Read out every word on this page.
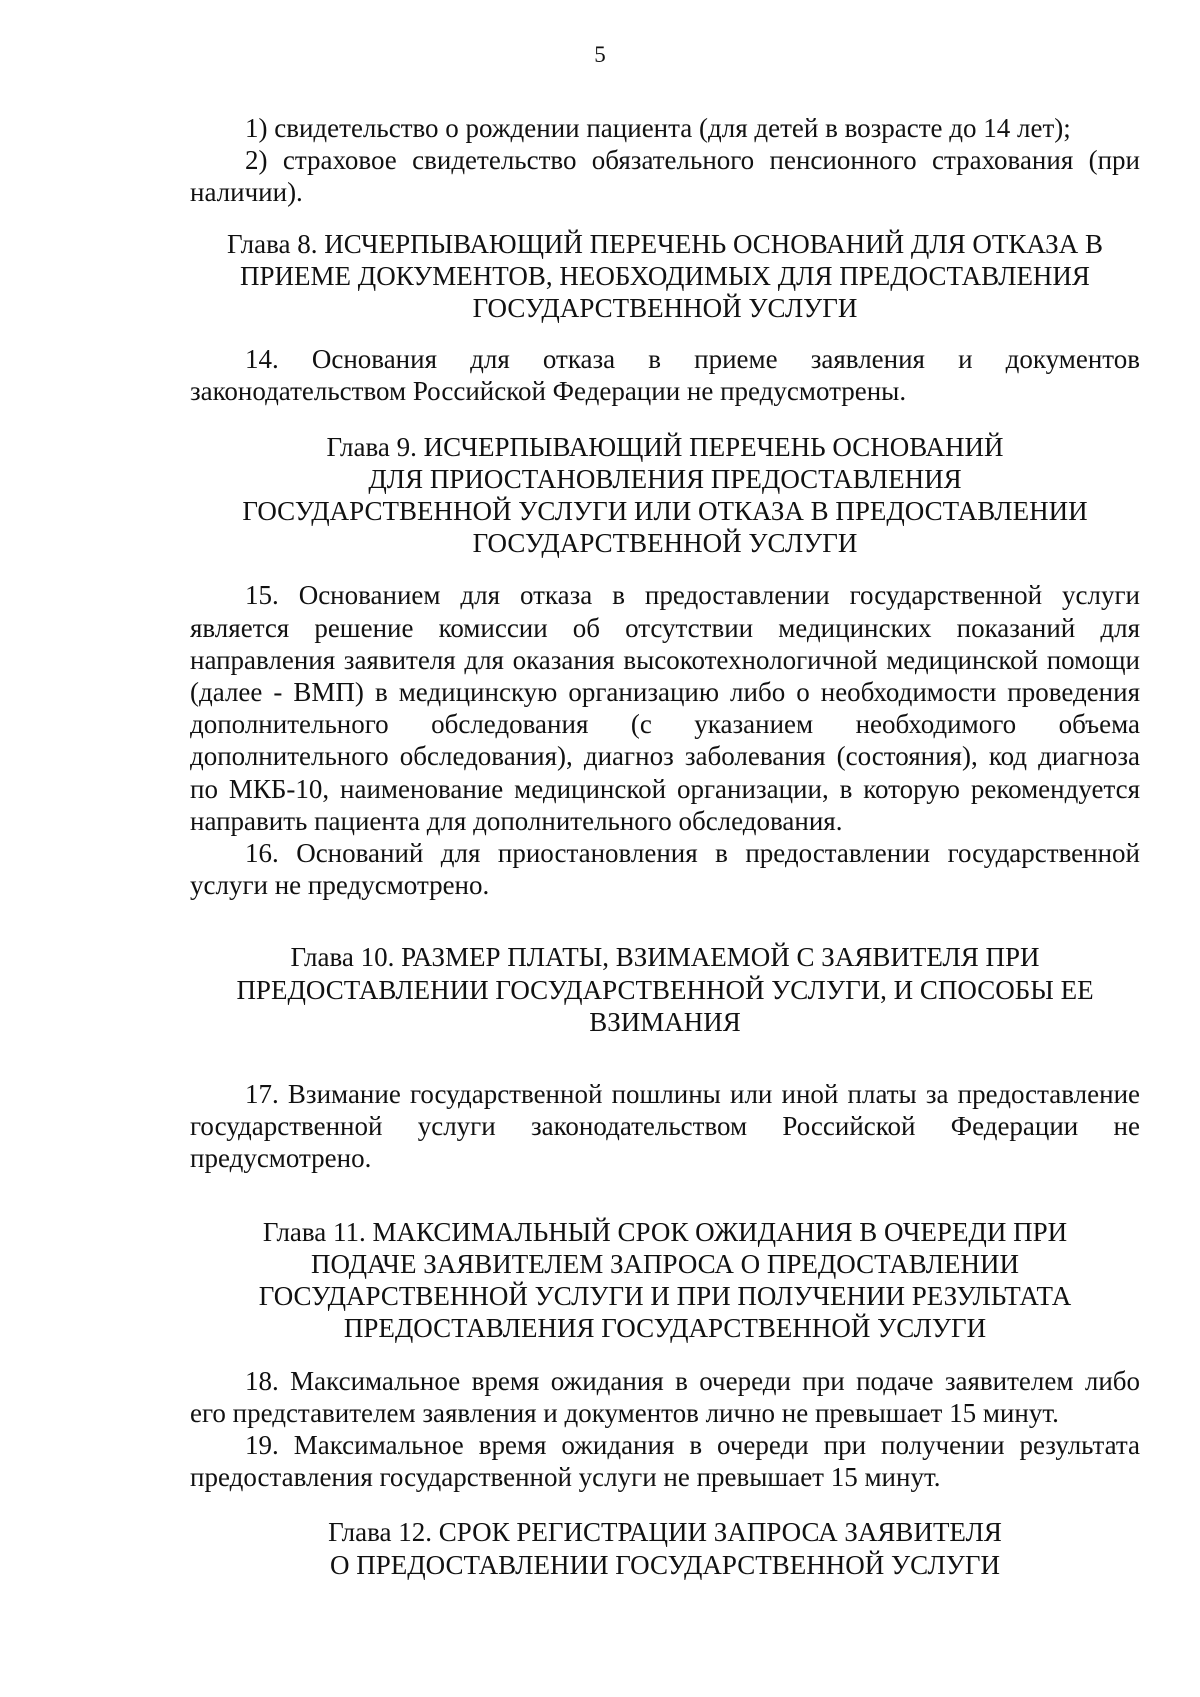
5

1) свидетельство о рождении пациента (для детей в возрасте до 14 лет);

2) страховое свидетельство обязательного пенсионного страхования (при наличии).

Глава 8. ИСЧЕРПЫВАЮЩИЙ ПЕРЕЧЕНЬ ОСНОВАНИЙ ДЛЯ ОТКАЗА В
ПРИЕМЕ ДОКУМЕНТОВ, НЕОБХОДИМЫХ ДЛЯ ПРЕДОСТАВЛЕНИЯ
ГОСУДАРСТВЕННОЙ УСЛУГИ

14. Основания для отказа в приеме заявления и документов законодательством Российской Федерации не предусмотрены.

Глава 9. ИСЧЕРПЫВАЮЩИЙ ПЕРЕЧЕНЬ ОСНОВАНИЙ
ДЛЯ ПРИОСТАНОВЛЕНИЯ ПРЕДОСТАВЛЕНИЯ
ГОСУДАРСТВЕННОЙ УСЛУГИ ИЛИ ОТКАЗА В ПРЕДОСТАВЛЕНИИ
ГОСУДАРСТВЕННОЙ УСЛУГИ

15. Основанием для отказа в предоставлении государственной услуги является решение комиссии об отсутствии медицинских показаний для направления заявителя для оказания высокотехнологичной медицинской помощи (далее - ВМП) в медицинскую организацию либо о необходимости проведения дополнительного обследования (с указанием необходимого объема дополнительного обследования), диагноз заболевания (состояния), код диагноза по МКБ-10, наименование медицинской организации, в которую рекомендуется направить пациента для дополнительного обследования.

16. Оснований для приостановления в предоставлении государственной услуги не предусмотрено.

Глава 10. РАЗМЕР ПЛАТЫ, ВЗИМАЕМОЙ С ЗАЯВИТЕЛЯ ПРИ
ПРЕДОСТАВЛЕНИИ ГОСУДАРСТВЕННОЙ УСЛУГИ, И СПОСОБЫ ЕЕ
ВЗИМАНИЯ

17. Взимание государственной пошлины или иной платы за предоставление государственной услуги законодательством Российской Федерации не предусмотрено.

Глава 11. МАКСИМАЛЬНЫЙ СРОК ОЖИДАНИЯ В ОЧЕРЕДИ ПРИ
ПОДАЧЕ ЗАЯВИТЕЛЕМ ЗАПРОСА О ПРЕДОСТАВЛЕНИИ
ГОСУДАРСТВЕННОЙ УСЛУГИ И ПРИ ПОЛУЧЕНИИ РЕЗУЛЬТАТА
ПРЕДОСТАВЛЕНИЯ ГОСУДАРСТВЕННОЙ УСЛУГИ

18. Максимальное время ожидания в очереди при подаче заявителем либо его представителем заявления и документов лично не превышает 15 минут.

19. Максимальное время ожидания в очереди при получении результата предоставления государственной услуги не превышает 15 минут.

Глава 12. СРОК РЕГИСТРАЦИИ ЗАПРОСА ЗАЯВИТЕЛЯ
О ПРЕДОСТАВЛЕНИИ ГОСУДАРСТВЕННОЙ УСЛУГИ
